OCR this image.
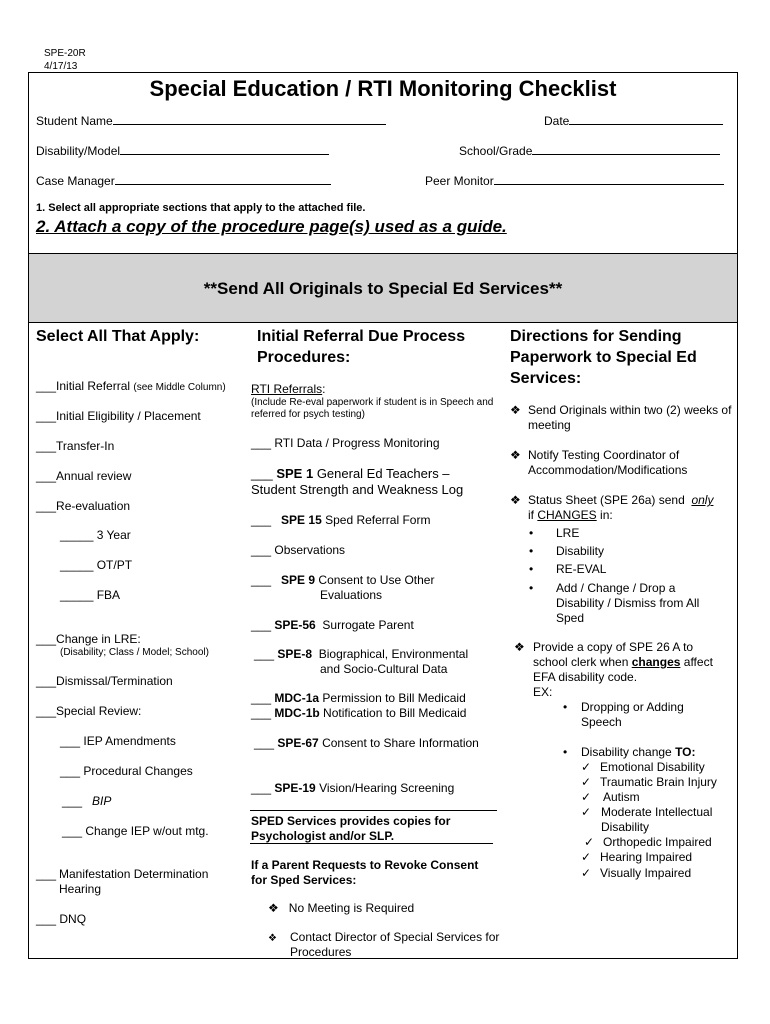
SPE-20R
4/17/13
Special Education / RTI Monitoring Checklist
Student Name	Date
Disability/Model	School/Grade
Case Manager	Peer Monitor
1. Select all appropriate sections that apply to the attached file.
2. Attach a copy of the procedure page(s) used as a guide.
**Send All Originals to Special Ed Services**
Select All That Apply:
___Initial Referral (see Middle Column)
___Initial Eligibility / Placement
___Transfer-In
___Annual review
___Re-evaluation
_____ 3 Year
_____ OT/PT
_____ FBA
___Change in LRE:
(Disability; Class / Model; School)
___Dismissal/Termination
___Special Review:
___ IEP Amendments
___ Procedural Changes
___ BIP
___ Change IEP w/out mtg.
___ Manifestation Determination Hearing
___ DNQ
Initial Referral Due Process Procedures:
RTI Referrals:
(Include Re-eval paperwork if student is in Speech and referred for psych testing)
___ RTI Data / Progress Monitoring
___ SPE 1 General Ed Teachers – Student Strength and Weakness Log
___ SPE 15 Sped Referral Form
___ Observations
___ SPE 9 Consent to Use Other
Evaluations
___ SPE-56 Surrogate Parent
___ SPE-8 Biographical, Environmental
and Socio-Cultural Data
___ MDC-1a Permission to Bill Medicaid
___ MDC-1b Notification to Bill Medicaid
___ SPE-67 Consent to Share Information
___ SPE-19 Vision/Hearing Screening
SPED Services provides copies for Psychologist and/or SLP.
If a Parent Requests to Revoke Consent for Sped Services:
❖ No Meeting is Required
❖ Contact Director of Special Services for Procedures
Directions for Sending Paperwork to Special Ed Services:
❖ Send Originals within two (2) weeks of meeting
❖ Notify Testing Coordinator of Accommodation/Modifications
❖ Status Sheet (SPE 26a) send only
if CHANGES in:
• LRE
• Disability
• RE-EVAL
• Add / Change / Drop a Disability / Dismiss from All Sped
❖ Provide a copy of SPE 26 A to school clerk when changes affect EFA disability code.
EX:
• Dropping or Adding Speech
• Disability change TO:
✓ Emotional Disability
✓ Traumatic Brain Injury
✓ Autism
✓ Moderate Intellectual Disability
✓ Orthopedic Impaired
✓ Hearing Impaired
✓ Visually Impaired
